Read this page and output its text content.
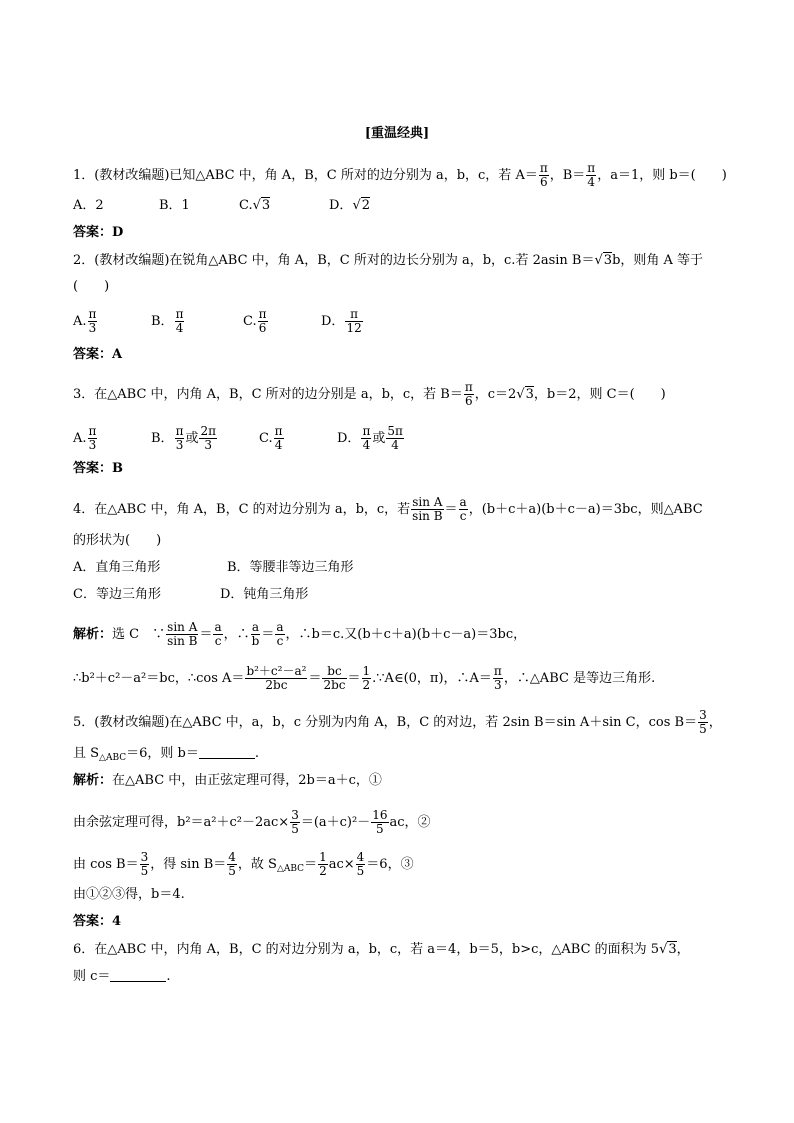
[重温经典]
1．(教材改编题)已知△ABC 中，角 A，B，C 所对的边分别为 a，b，c，若 $A= \frac{\pi}{6}$ ，$B= \frac{\pi}{4}$ ，a＝1，则 b＝(　　)
A．2	B．1	C.√3	D．√2
答案：D
2．(教材改编题)在锐角△ABC 中，角 A，B，C 所对的边长分别为 a，b，c.若 2asin B＝√3b，则角 A 等于
(　　)
A. $\frac{\pi}{3}$	B． $\frac{\pi}{4}$	C. $\frac{\pi}{6}$	D． $\frac{\pi}{12}$
答案：A
3．在△ABC 中，内角 A，B，C 所对的边分别是 a，b，c，若 $B= \frac{\pi}{6}$ ，c＝2√3，b＝2，则 C＝(　　)
A. $\frac{\pi}{3}$	B． $\frac{\pi}{3}$ 或 $\frac{2\pi}{3}$	C. $\frac{\pi}{4}$	D． $\frac{\pi}{4}$ 或 $\frac{5\pi}{4}$
答案：B
4．在△ABC 中，角 A，B，C 的对边分别为 a，b，c，若 $\frac{\text{sin A}}{\text{sin B}} = \frac{a}{c}$ ，(b＋c＋a)(b＋c－a)＝3bc，则△ABC
的形状为(　　)
A．直角三角形	B．等腰非等边三角形
C．等边三角形	D．钝角三角形
解析：选 C　∵ $\frac{\text{sin A}}{\text{sin B}} = \frac{a}{c}$ ，∴ $\frac{a}{b} = \frac{a}{c}$ ，∴b＝c.又(b＋c＋a)(b＋c－a)＝3bc，
∴b²＋c²－a²＝bc，∴cos $A= \frac{\text{b²＋c²－a²}}{2bc} = \frac{bc}{2bc} = \frac{1}{2}$ .∵A∈(0，π)，∴A＝ $\frac{\pi}{3}$ ，∴△ABC 是等边三角形.
5．(教材改编题)在△ABC 中，a，b，c 分别为内角 A，B，C 的对边，若 2sin B＝sin A＋sin C，$\cos B= \frac{3}{5}$ ，
且 $S_{\triangle ABC}=6$，则 b＝	.
解析：在△ABC 中，由正弦定理可得，2b＝a＋c，①
由余弦定理可得，$b^2=a^2+c^2-2ac\times \frac{3}{5} =(a+c)^2- \frac{16}{5}$ ac，②
由 $\cos B= \frac{3}{5}$ ，得 $\sin B= \frac{4}{5}$ ，故 $S_{\triangle ABC}= \frac{1}{2} ac\times \frac{4}{5} =6$，③
由①②③得，b＝4.
答案：4
6．在△ABC 中，内角 A，B，C 的对边分别为 a，b，c，若 a＝4，b＝5，b>c，△ABC 的面积为 5√3，
则 c＝	.
